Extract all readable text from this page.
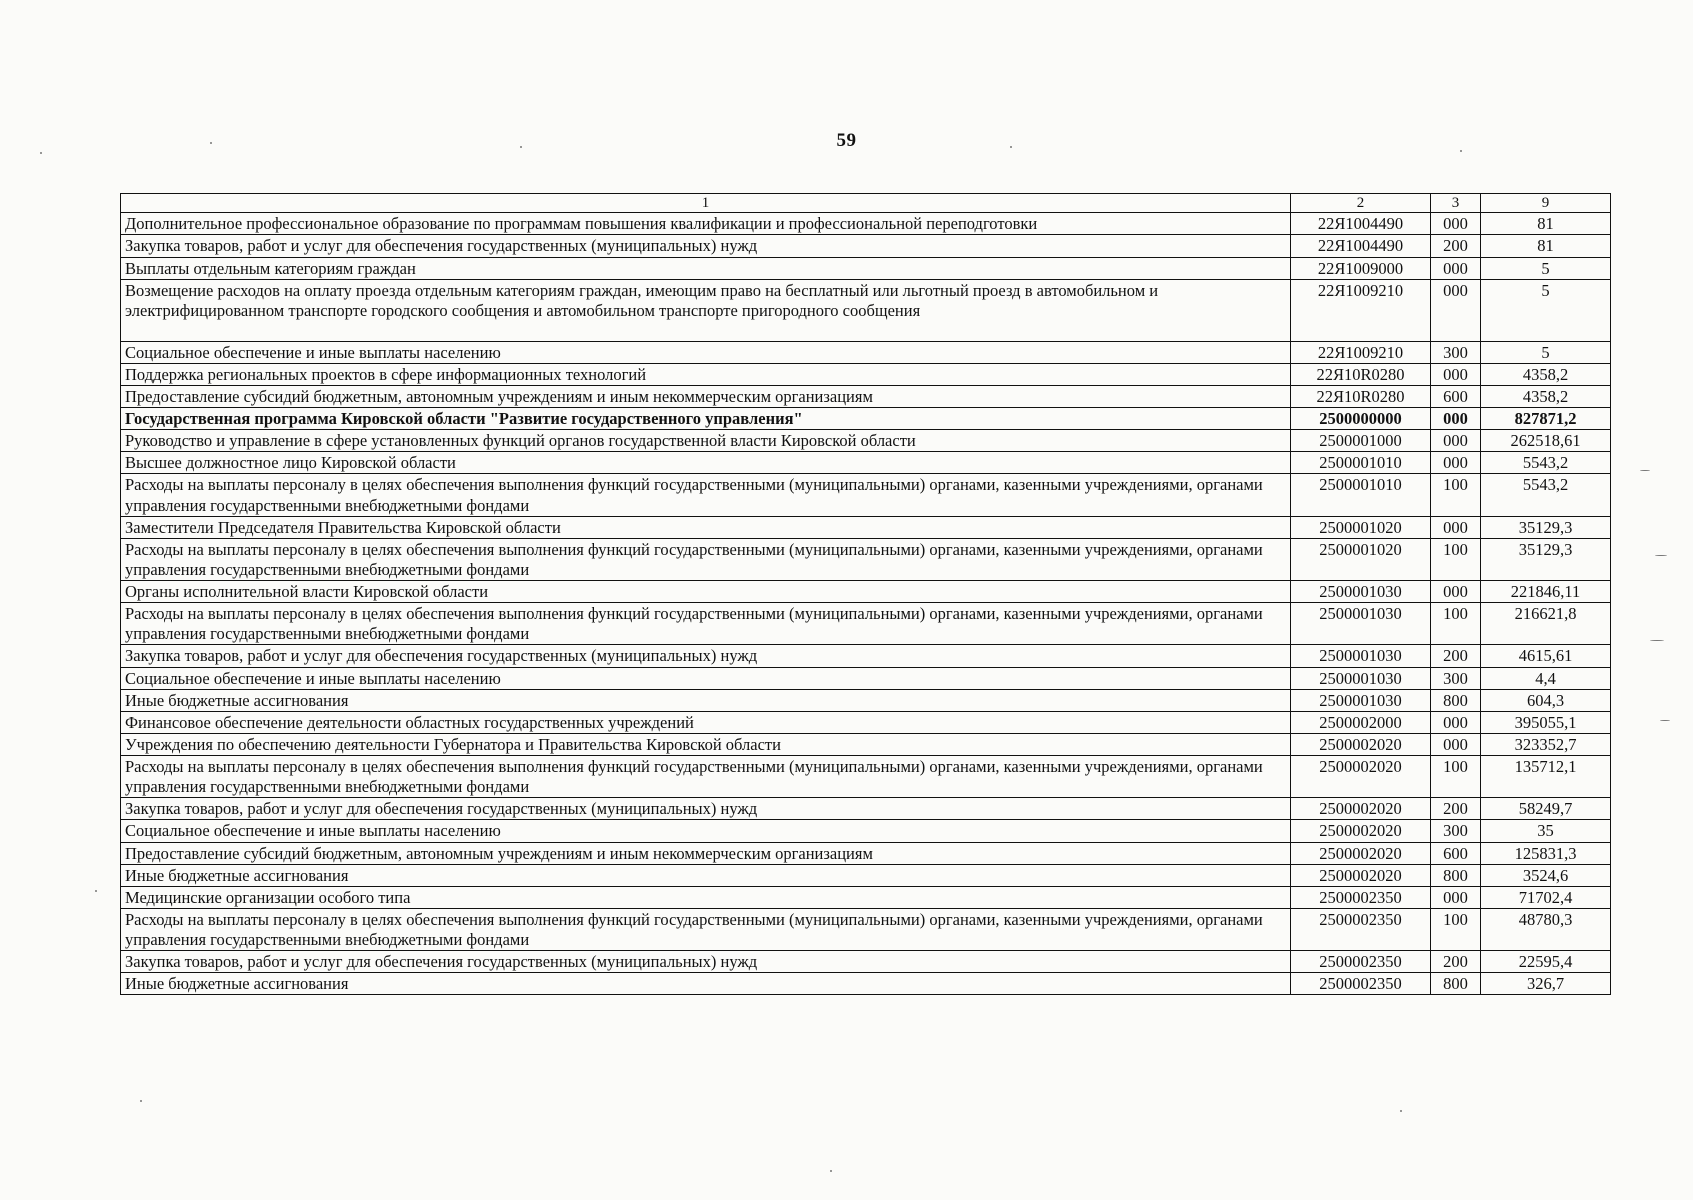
59
1	2	3	9
Дополнительное профессиональное образование по программам повышения квалификации и профессиональной переподготовки	22Я1004490	000	81
Закупка товаров, работ и услуг для обеспечения государственных (муниципальных) нужд	22Я1004490	200	81
Выплаты отдельным категориям граждан	22Я1009000	000	5
Возмещение расходов на оплату проезда отдельным категориям граждан, имеющим право на бесплатный или льготный проезд в автомобильном и электрифицированном транспорте городского сообщения и автомобильном транспорте пригородного сообщения	22Я1009210	000	5
Социальное обеспечение и иные выплаты населению	22Я1009210	300	5
Поддержка региональных проектов в сфере информационных технологий	22Я10R0280	000	4358,2
Предоставление субсидий бюджетным, автономным учреждениям и иным некоммерческим организациям	22Я10R0280	600	4358,2
Государственная программа Кировской области "Развитие государственного управления"	2500000000	000	827871,2
Руководство и управление в сфере установленных функций органов государственной власти Кировской области	2500001000	000	262518,61
Высшее должностное лицо Кировской области	2500001010	000	5543,2
Расходы на выплаты персоналу в целях обеспечения выполнения функций государственными (муниципальными) органами, казенными учреждениями, органами управления государственными внебюджетными фондами	2500001010	100	5543,2
Заместители Председателя Правительства Кировской области	2500001020	000	35129,3
Расходы на выплаты персоналу в целях обеспечения выполнения функций государственными (муниципальными) органами, казенными учреждениями, органами управления государственными внебюджетными фондами	2500001020	100	35129,3
Органы исполнительной власти Кировской области	2500001030	000	221846,11
Расходы на выплаты персоналу в целях обеспечения выполнения функций государственными (муниципальными) органами, казенными учреждениями, органами управления государственными внебюджетными фондами	2500001030	100	216621,8
Закупка товаров, работ и услуг для обеспечения государственных (муниципальных) нужд	2500001030	200	4615,61
Социальное обеспечение и иные выплаты населению	2500001030	300	4,4
Иные бюджетные ассигнования	2500001030	800	604,3
Финансовое обеспечение деятельности областных государственных учреждений	2500002000	000	395055,1
Учреждения по обеспечению деятельности Губернатора и Правительства Кировской области	2500002020	000	323352,7
Расходы на выплаты персоналу в целях обеспечения выполнения функций государственными (муниципальными) органами, казенными учреждениями, органами управления государственными внебюджетными фондами	2500002020	100	135712,1
Закупка товаров, работ и услуг для обеспечения государственных (муниципальных) нужд	2500002020	200	58249,7
Социальное обеспечение и иные выплаты населению	2500002020	300	35
Предоставление субсидий бюджетным, автономным учреждениям и иным некоммерческим организациям	2500002020	600	125831,3
Иные бюджетные ассигнования	2500002020	800	3524,6
Медицинские организации особого типа	2500002350	000	71702,4
Расходы на выплаты персоналу в целях обеспечения выполнения функций государственными (муниципальными) органами, казенными учреждениями, органами управления государственными внебюджетными фондами	2500002350	100	48780,3
Закупка товаров, работ и услуг для обеспечения государственных (муниципальных) нужд	2500002350	200	22595,4
Иные бюджетные ассигнования	2500002350	800	326,7
